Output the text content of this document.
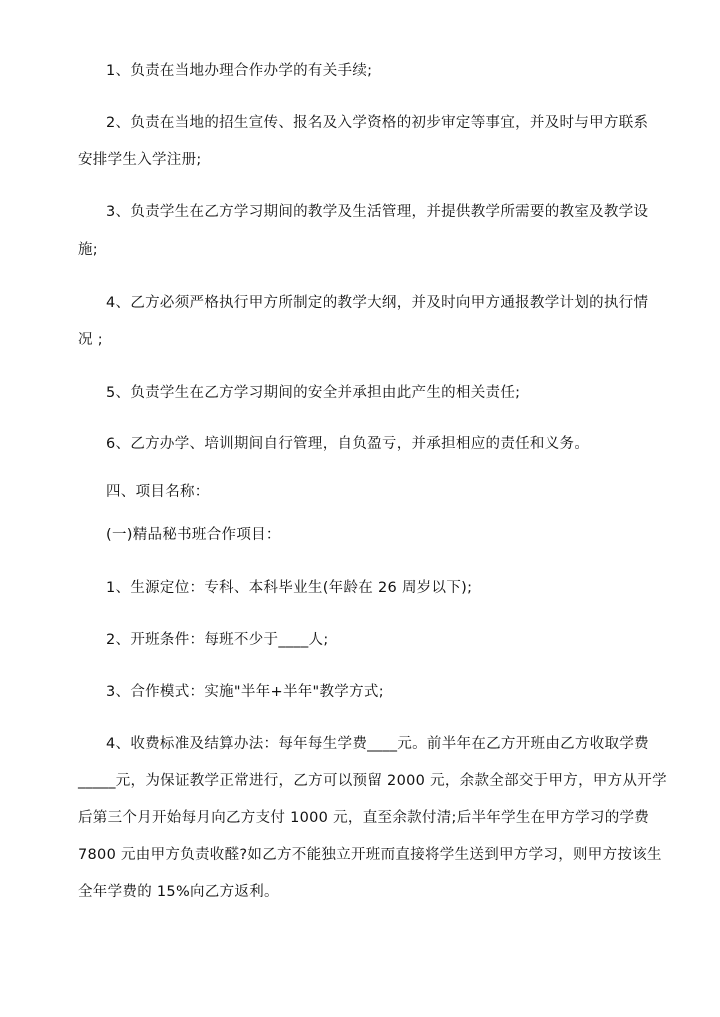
1、负责在当地办理合作办学的有关手续;
2、负责在当地的招生宣传、报名及入学资格的初步审定等事宜，并及时与甲方联系
安排学生入学注册;
3、负责学生在乙方学习期间的教学及生活管理，并提供教学所需要的教室及教学设
施;
4、乙方必须严格执行甲方所制定的教学大纲，并及时向甲方通报教学计划的执行情
况 ;
5、负责学生在乙方学习期间的安全并承担由此产生的相关责任;
6、乙方办学、培训期间自行管理，自负盈亏，并承担相应的责任和义务。
四、项目名称：
(一)精品秘书班合作项目：
1、生源定位：专科、本科毕业生(年龄在 26 周岁以下);
2、开班条件：每班不少于____人;
3、合作模式：实施"半年+半年"教学方式;
4、收费标准及结算办法：每年每生学费____元。前半年在乙方开班由乙方收取学费
_____元，为保证教学正常进行，乙方可以预留 2000 元，余款全部交于甲方，甲方从开学
后第三个月开始每月向乙方支付 1000 元，直至余款付清;后半年学生在甲方学习的学费
7800 元由甲方负责收醛?如乙方不能独立开班而直接将学生送到甲方学习，则甲方按该生
全年学费的 15%向乙方返利。
